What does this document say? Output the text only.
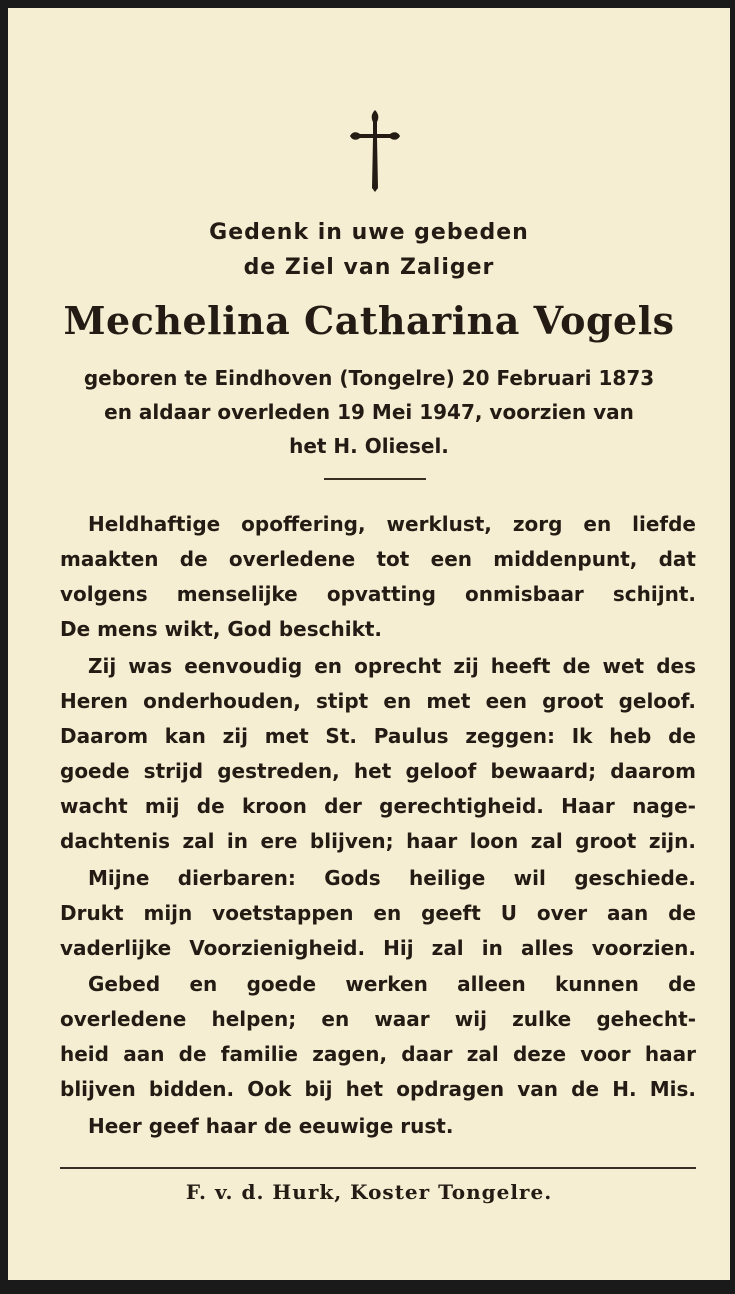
Gedenk in uwe gebeden
de Ziel van Zaliger
Mechelina Catharina Vogels
geboren te Eindhoven (Tongelre) 20 Februari 1873
en aldaar overleden 19 Mei 1947, voorzien van
het H. Oliesel.
Heldhaftige opoffering, werklust, zorg en liefde
maakten de overledene tot een middenpunt, dat
volgens menselijke opvatting onmisbaar schijnt.
De mens wikt, God beschikt.
Zij was eenvoudig en oprecht zij heeft de wet des
Heren onderhouden, stipt en met een groot geloof.
Daarom kan zij met St. Paulus zeggen: Ik heb de
goede strijd gestreden, het geloof bewaard; daarom
wacht mij de kroon der gerechtigheid. Haar nage-
dachtenis zal in ere blijven; haar loon zal groot zijn.
Mijne dierbaren: Gods heilige wil geschiede.
Drukt mijn voetstappen en geeft U over aan de
vaderlijke Voorzienigheid. Hij zal in alles voorzien.
Gebed en goede werken alleen kunnen de
overledene helpen; en waar wij zulke gehecht-
heid aan de familie zagen, daar zal deze voor haar
blijven bidden. Ook bij het opdragen van de H. Mis.
Heer geef haar de eeuwige rust.
F. v. d. Hurk, Koster Tongelre.
